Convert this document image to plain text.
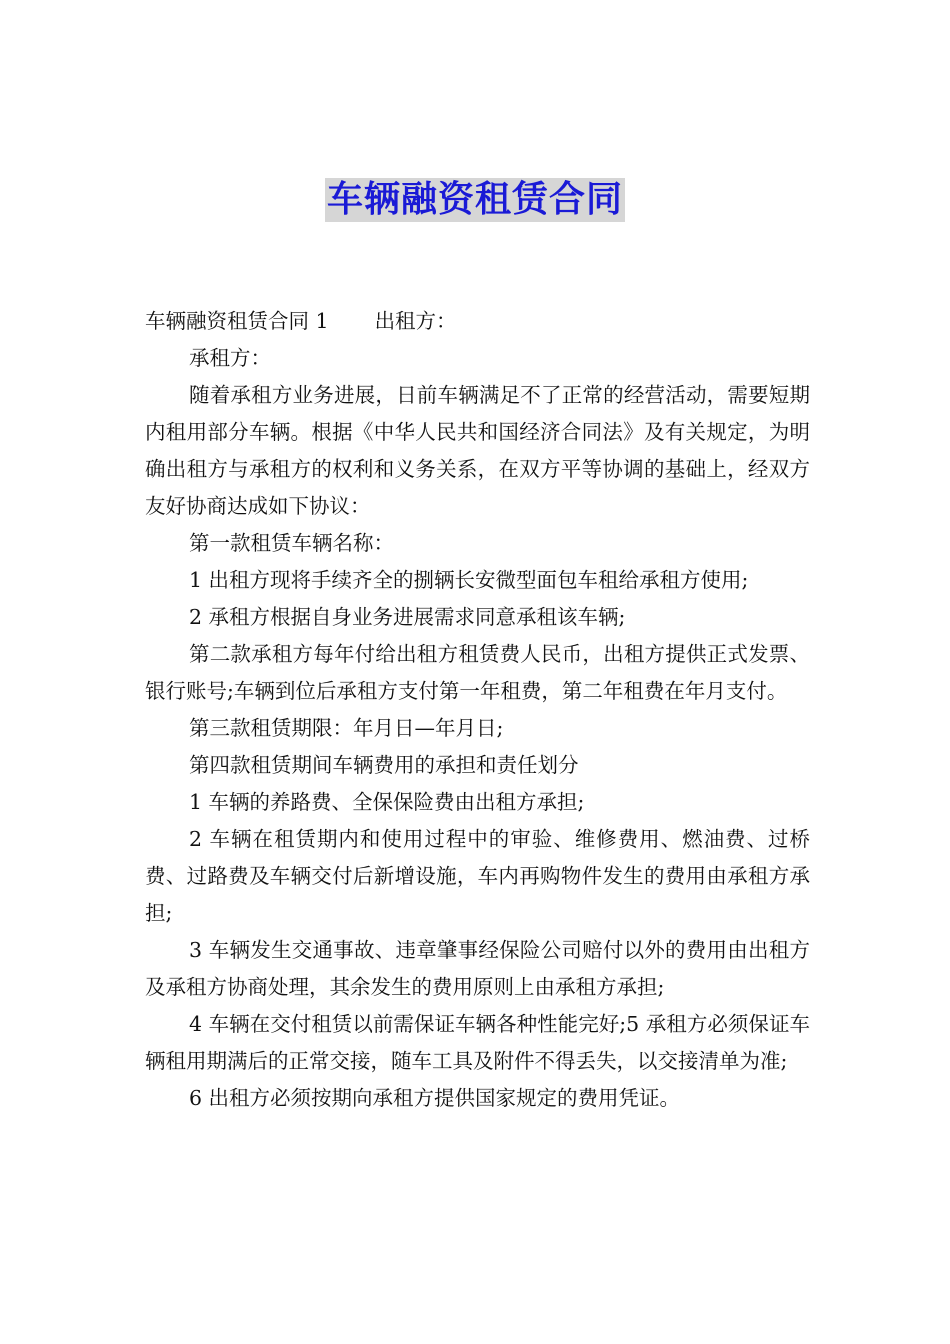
车辆融资租赁合同

车辆融资租赁合同 1 出租方：

承租方：

随着承租方业务进展，日前车辆满足不了正常的经营活动，需要短期内租用部分车辆。根据《中华人民共和国经济合同法》及有关规定，为明确出租方与承租方的权利和义务关系，在双方平等协调的基础上，经双方友好协商达成如下协议：

第一款租赁车辆名称：

1 出租方现将手续齐全的捌辆长安微型面包车租给承租方使用;

2 承租方根据自身业务进展需求同意承租该车辆;

第二款承租方每年付给出租方租赁费人民币，出租方提供正式发票、银行账号;车辆到位后承租方支付第一年租费，第二年租费在年月支付。

第三款租赁期限：年月日—年月日;

第四款租赁期间车辆费用的承担和责任划分

1 车辆的养路费、全保保险费由出租方承担;

2 车辆在租赁期内和使用过程中的审验、维修费用、燃油费、过桥费、过路费及车辆交付后新增设施，车内再购物件发生的费用由承租方承担;

3 车辆发生交通事故、违章肇事经保险公司赔付以外的费用由出租方及承租方协商处理，其余发生的费用原则上由承租方承担;

4 车辆在交付租赁以前需保证车辆各种性能完好;5 承租方必须保证车辆租用期满后的正常交接，随车工具及附件不得丢失，以交接清单为准;

6 出租方必须按期向承租方提供国家规定的费用凭证。
